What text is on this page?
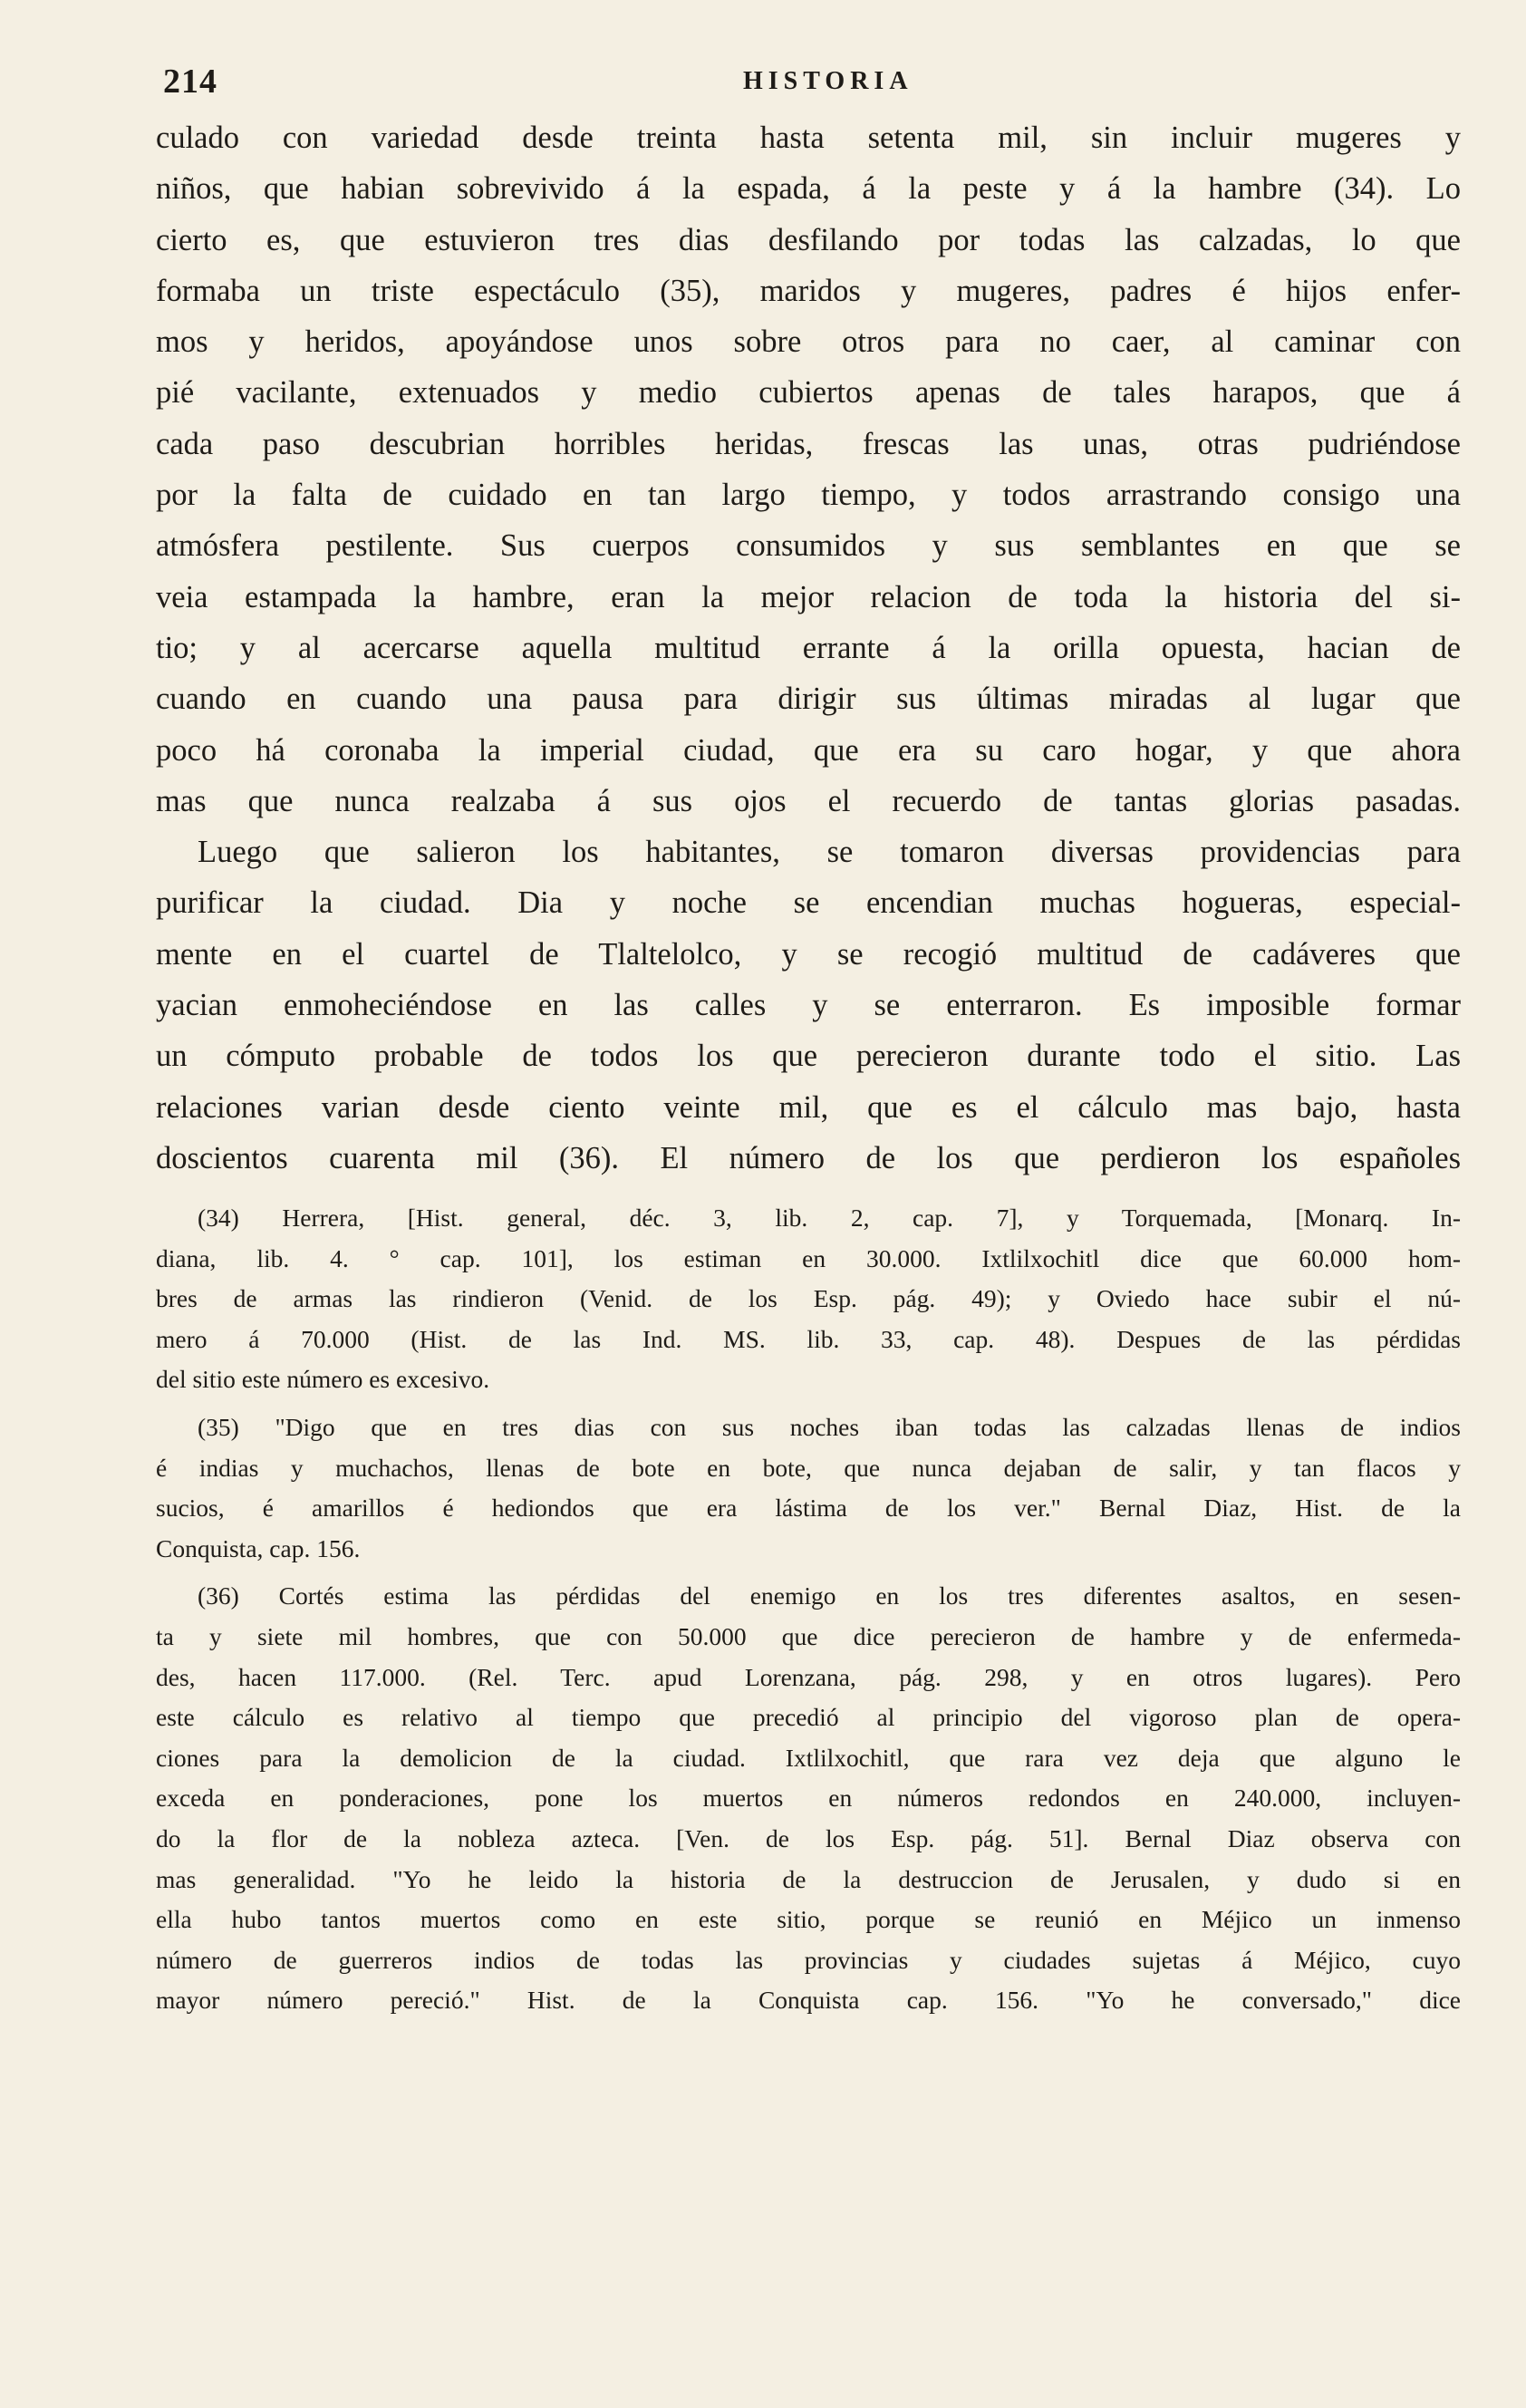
214	HISTORIA
culado con variedad desde treinta hasta setenta mil, sin incluir mugeres y
niños, que habian sobrevivido á la espada, á la peste y á la hambre (34). Lo
cierto es, que estuvieron tres dias desfilando por todas las calzadas, lo que
formaba un triste espectáculo (35), maridos y mugeres, padres é hijos enfer-
mos y heridos, apoyándose unos sobre otros para no caer, al caminar con
pié vacilante, extenuados y medio cubiertos apenas de tales harapos, que á
cada paso descubrian horribles heridas, frescas las unas, otras pudriéndose
por la falta de cuidado en tan largo tiempo, y todos arrastrando consigo una
atmósfera pestilente. Sus cuerpos consumidos y sus semblantes en que se
veia estampada la hambre, eran la mejor relacion de toda la historia del si-
tio; y al acercarse aquella multitud errante á la orilla opuesta, hacian de
cuando en cuando una pausa para dirigir sus últimas miradas al lugar que
poco há coronaba la imperial ciudad, que era su caro hogar, y que ahora
mas que nunca realzaba á sus ojos el recuerdo de tantas glorias pasadas.
Luego que salieron los habitantes, se tomaron diversas providencias para
purificar la ciudad. Dia y noche se encendian muchas hogueras, especial-
mente en el cuartel de Tlaltelolco, y se recogió multitud de cadáveres que
yacian enmoheciéndose en las calles y se enterraron. Es imposible formar
un cómputo probable de todos los que perecieron durante todo el sitio. Las
relaciones varian desde ciento veinte mil, que es el cálculo mas bajo, hasta
doscientos cuarenta mil (36). El número de los que perdieron los españoles
(34) Herrera, [Hist. general, déc. 3, lib. 2, cap. 7], y Torquemada, [Monarq. In-
diana, lib. 4. ° cap. 101], los estiman en 30.000. Ixtlilxochitl dice que 60.000 hom-
bres de armas las rindieron (Venid. de los Esp. pág. 49); y Oviedo hace subir el nú-
mero á 70.000 (Hist. de las Ind. MS. lib. 33, cap. 48). Despues de las pérdidas
del sitio este número es excesivo.
(35) "Digo que en tres dias con sus noches iban todas las calzadas llenas de indios
é indias y muchachos, llenas de bote en bote, que nunca dejaban de salir, y tan flacos y
sucios, é amarillos é hediondos que era lástima de los ver." Bernal Diaz, Hist. de la
Conquista, cap. 156.
(36) Cortés estima las pérdidas del enemigo en los tres diferentes asaltos, en sesen-
ta y siete mil hombres, que con 50.000 que dice perecieron de hambre y de enfermeda-
des, hacen 117.000. (Rel. Terc. apud Lorenzana, pág. 298, y en otros lugares). Pero
este cálculo es relativo al tiempo que precedió al principio del vigoroso plan de opera-
ciones para la demolicion de la ciudad. Ixtlilxochitl, que rara vez deja que alguno le
exceda en ponderaciones, pone los muertos en números redondos en 240.000, incluyen-
do la flor de la nobleza azteca. [Ven. de los Esp. pág. 51]. Bernal Diaz observa con
mas generalidad. "Yo he leido la historia de la destruccion de Jerusalen, y dudo si en
ella hubo tantos muertos como en este sitio, porque se reunió en Méjico un inmenso
número de guerreros indios de todas las provincias y ciudades sujetas á Méjico, cuyo
mayor número pereció." Hist. de la Conquista cap. 156. "Yo he conversado," dice
